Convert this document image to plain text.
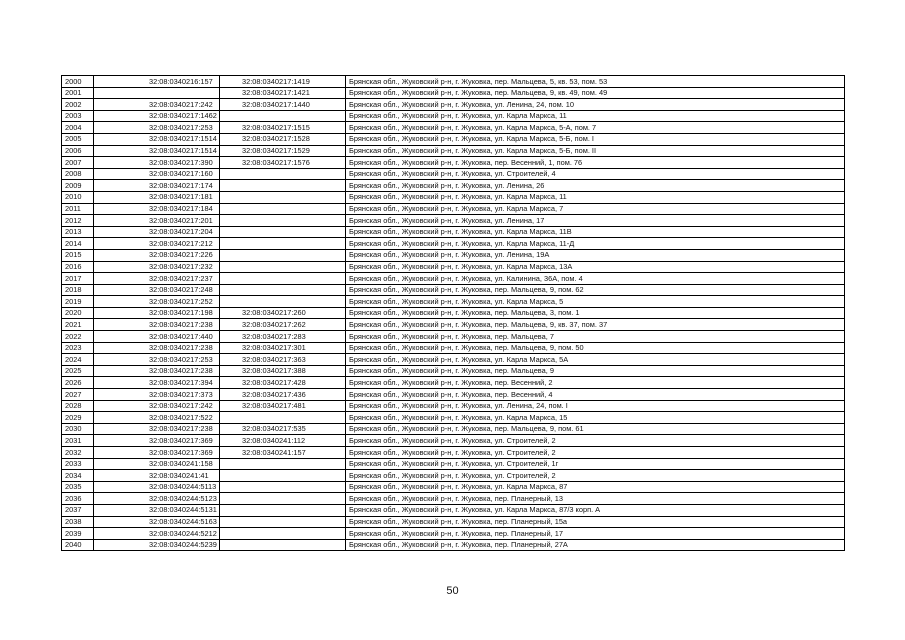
2000	32:08:0340216:157	32:08:0340217:1419	Брянская обл., Жуковский р-н, г. Жуковка, пер. Мальцева, 5, кв. 53, пом. 53
2001		32:08:0340217:1421	Брянская обл., Жуковский р-н, г. Жуковка, пер. Мальцева, 9, кв. 49, пом. 49
2002	32:08:0340217:242	32:08:0340217:1440	Брянская обл., Жуковский р-н, г. Жуковка, ул. Ленина, 24, пом. 10
2003	32:08:0340217:1462		Брянская обл., Жуковский р-н, г. Жуковка, ул. Карла Маркса, 11
2004	32:08:0340217:253	32:08:0340217:1515	Брянская обл., Жуковский р-н, г. Жуковка, ул. Карла Маркса, 5-А, пом. 7
2005	32:08:0340217:1514	32:08:0340217:1528	Брянская обл., Жуковский р-н, г. Жуковка, ул. Карла Маркса, 5-Б, пом. I
2006	32:08:0340217:1514	32:08:0340217:1529	Брянская обл., Жуковский р-н, г. Жуковка, ул. Карла Маркса, 5-Б, пом. II
2007	32:08:0340217:390	32:08:0340217:1576	Брянская обл., Жуковский р-н, г. Жуковка, пер. Весенний, 1, пом. 76
2008	32:08:0340217:160		Брянская обл., Жуковский р-н, г. Жуковка, ул. Строителей, 4
2009	32:08:0340217:174		Брянская обл., Жуковский р-н, г. Жуковка, ул. Ленина, 26
2010	32:08:0340217:181		Брянская обл., Жуковский р-н, г. Жуковка, ул. Карла Маркса, 11
2011	32:08:0340217:184		Брянская обл., Жуковский р-н, г. Жуковка, ул. Карла Маркса, 7
2012	32:08:0340217:201		Брянская обл., Жуковский р-н, г. Жуковка, ул. Ленина, 17
2013	32:08:0340217:204		Брянская обл., Жуковский р-н, г. Жуковка, ул. Карла Маркса, 11В
2014	32:08:0340217:212		Брянская обл., Жуковский р-н, г. Жуковка, ул. Карла Маркса, 11-Д
2015	32:08:0340217:226		Брянская обл., Жуковский р-н, г. Жуковка, ул. Ленина, 19А
2016	32:08:0340217:232		Брянская обл., Жуковский р-н, г. Жуковка, ул. Карла Маркса, 13А
2017	32:08:0340217:237		Брянская обл., Жуковский р-н, г. Жуковка, ул. Калинина, 36А, пом. 4
2018	32:08:0340217:248		Брянская обл., Жуковский р-н, г. Жуковка, пер. Мальцева, 9, пом. 62
2019	32:08:0340217:252		Брянская обл., Жуковский р-н, г. Жуковка, ул. Карла Маркса, 5
2020	32:08:0340217:198	32:08:0340217:260	Брянская обл., Жуковский р-н, г. Жуковка, пер. Мальцева, 3, пом. 1
2021	32:08:0340217:238	32:08:0340217:262	Брянская обл., Жуковский р-н, г. Жуковка, пер. Мальцева, 9, кв. 37, пом. 37
2022	32:08:0340217:440	32:08:0340217:283	Брянская обл., Жуковский р-н, г. Жуковка, пер. Мальцева, 7
2023	32:08:0340217:238	32:08:0340217:301	Брянская обл., Жуковский р-н, г. Жуковка, пер. Мальцева, 9, пом. 50
2024	32:08:0340217:253	32:08:0340217:363	Брянская обл., Жуковский р-н, г. Жуковка, ул. Карла Маркса, 5А
2025	32:08:0340217:238	32:08:0340217:388	Брянская обл., Жуковский р-н, г. Жуковка, пер. Мальцева, 9
2026	32:08:0340217:394	32:08:0340217:428	Брянская обл., Жуковский р-н, г. Жуковка, пер. Весенний, 2
2027	32:08:0340217:373	32:08:0340217:436	Брянская обл., Жуковский р-н, г. Жуковка, пер. Весенний, 4
2028	32:08:0340217:242	32:08:0340217:481	Брянская обл., Жуковский р-н, г. Жуковка, ул. Ленина, 24, пом. I
2029	32:08:0340217:522		Брянская обл., Жуковский р-н, г. Жуковка, ул. Карла Маркса, 15
2030	32:08:0340217:238	32:08:0340217:535	Брянская обл., Жуковский р-н, г. Жуковка, пер. Мальцева, 9, пом. 61
2031	32:08:0340217:369	32:08:0340241:112	Брянская обл., Жуковский р-н, г. Жуковка, ул. Строителей, 2
2032	32:08:0340217:369	32:08:0340241:157	Брянская обл., Жуковский р-н, г. Жуковка, ул. Строителей, 2
2033	32:08:0340241:158		Брянская обл., Жуковский р-н, г. Жуковка, ул. Строителей, 1г
2034	32:08:0340241:41		Брянская обл., Жуковский р-н, г. Жуковка, ул. Строителей, 2
2035	32:08:0340244:5113		Брянская обл., Жуковский р-н, г. Жуковка, ул. Карла Маркса, 87
2036	32:08:0340244:5123		Брянская обл., Жуковский р-н, г. Жуковка, пер. Планерный, 13
2037	32:08:0340244:5131		Брянская обл., Жуковский р-н, г. Жуковка, ул. Карла Маркса, 87/3 корп. А
2038	32:08:0340244:5163		Брянская обл., Жуковский р-н, г. Жуковка, пер. Планерный, 15а
2039	32:08:0340244:5212		Брянская обл., Жуковский р-н, г. Жуковка, пер. Планерный, 17
2040	32:08:0340244:5239		Брянская обл., Жуковский р-н, г. Жуковка, пер. Планерный, 27А
50
